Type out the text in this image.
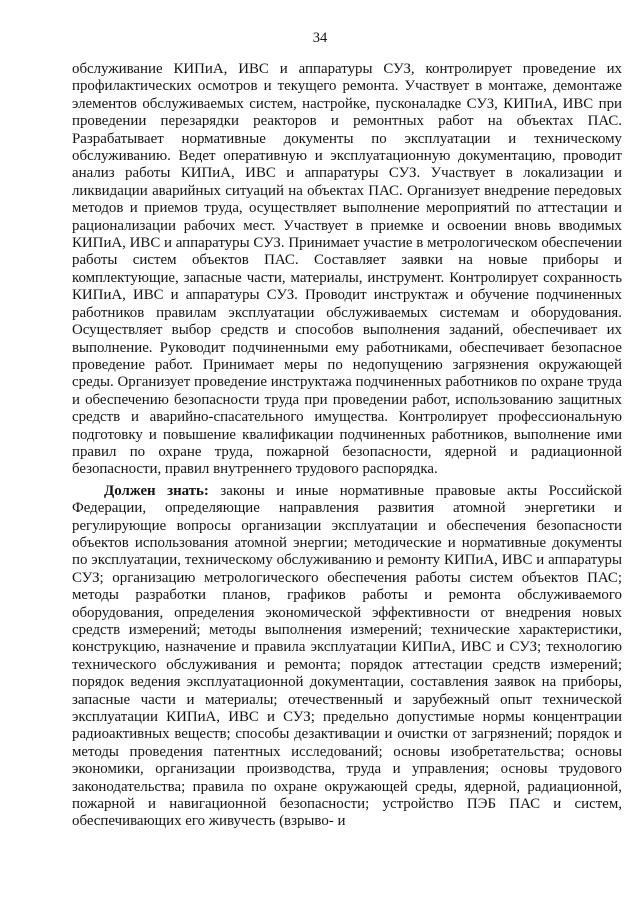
34

обслуживание КИПиА, ИВС и аппаратуры СУЗ, контролирует проведение их профилактических осмотров и текущего ремонта. Участвует в монтаже, демонтаже элементов обслуживаемых систем, настройке, пусконаладке СУЗ, КИПиА, ИВС при проведении перезарядки реакторов и ремонтных работ на объектах ПАС. Разрабатывает нормативные документы по эксплуатации и техническому обслуживанию. Ведет оперативную и эксплуатационную документацию, проводит анализ работы КИПиА, ИВС и аппаратуры СУЗ. Участвует в локализации и ликвидации аварийных ситуаций на объектах ПАС. Организует внедрение передовых методов и приемов труда, осуществляет выполнение мероприятий по аттестации и рационализации рабочих мест. Участвует в приемке и освоении вновь вводимых КИПиА, ИВС и аппаратуры СУЗ. Принимает участие в метрологическом обеспечении работы систем объектов ПАС. Составляет заявки на новые приборы и комплектующие, запасные части, материалы, инструмент. Контролирует сохранность КИПиА, ИВС и аппаратуры СУЗ. Проводит инструктаж и обучение подчиненных работников правилам эксплуатации обслуживаемых системам и оборудования. Осуществляет выбор средств и способов выполнения заданий, обеспечивает их выполнение. Руководит подчиненными ему работниками, обеспечивает безопасное проведение работ. Принимает меры по недопущению загрязнения окружающей среды. Организует проведение инструктажа подчиненных работников по охране труда и обеспечению безопасности труда при проведении работ, использованию защитных средств и аварийно-спасательного имущества. Контролирует профессиональную подготовку и повышение квалификации подчиненных работников, выполнение ими правил по охране труда, пожарной безопасности, ядерной и радиационной безопасности, правил внутреннего трудового распорядка.

Должен знать: законы и иные нормативные правовые акты Российской Федерации, определяющие направления развития атомной энергетики и регулирующие вопросы организации эксплуатации и обеспечения безопасности объектов использования атомной энергии; методические и нормативные документы по эксплуатации, техническому обслуживанию и ремонту КИПиА, ИВС и аппаратуры СУЗ; организацию метрологического обеспечения работы систем объектов ПАС; методы разработки планов, графиков работы и ремонта обслуживаемого оборудования, определения экономической эффективности от внедрения новых средств измерений; методы выполнения измерений; технические характеристики, конструкцию, назначение и правила эксплуатации КИПиА, ИВС и СУЗ; технологию технического обслуживания и ремонта; порядок аттестации средств измерений; порядок ведения эксплуатационной документации, составления заявок на приборы, запасные части и материалы; отечественный и зарубежный опыт технической эксплуатации КИПиА, ИВС и СУЗ; предельно допустимые нормы концентрации радиоактивных веществ; способы дезактивации и очистки от загрязнений; порядок и методы проведения патентных исследований; основы изобретательства; основы экономики, организации производства, труда и управления; основы трудового законодательства; правила по охране окружающей среды, ядерной, радиационной, пожарной и навигационной безопасности; устройство ПЭБ ПАС и систем, обеспечивающих его живучесть (взрыво- и
